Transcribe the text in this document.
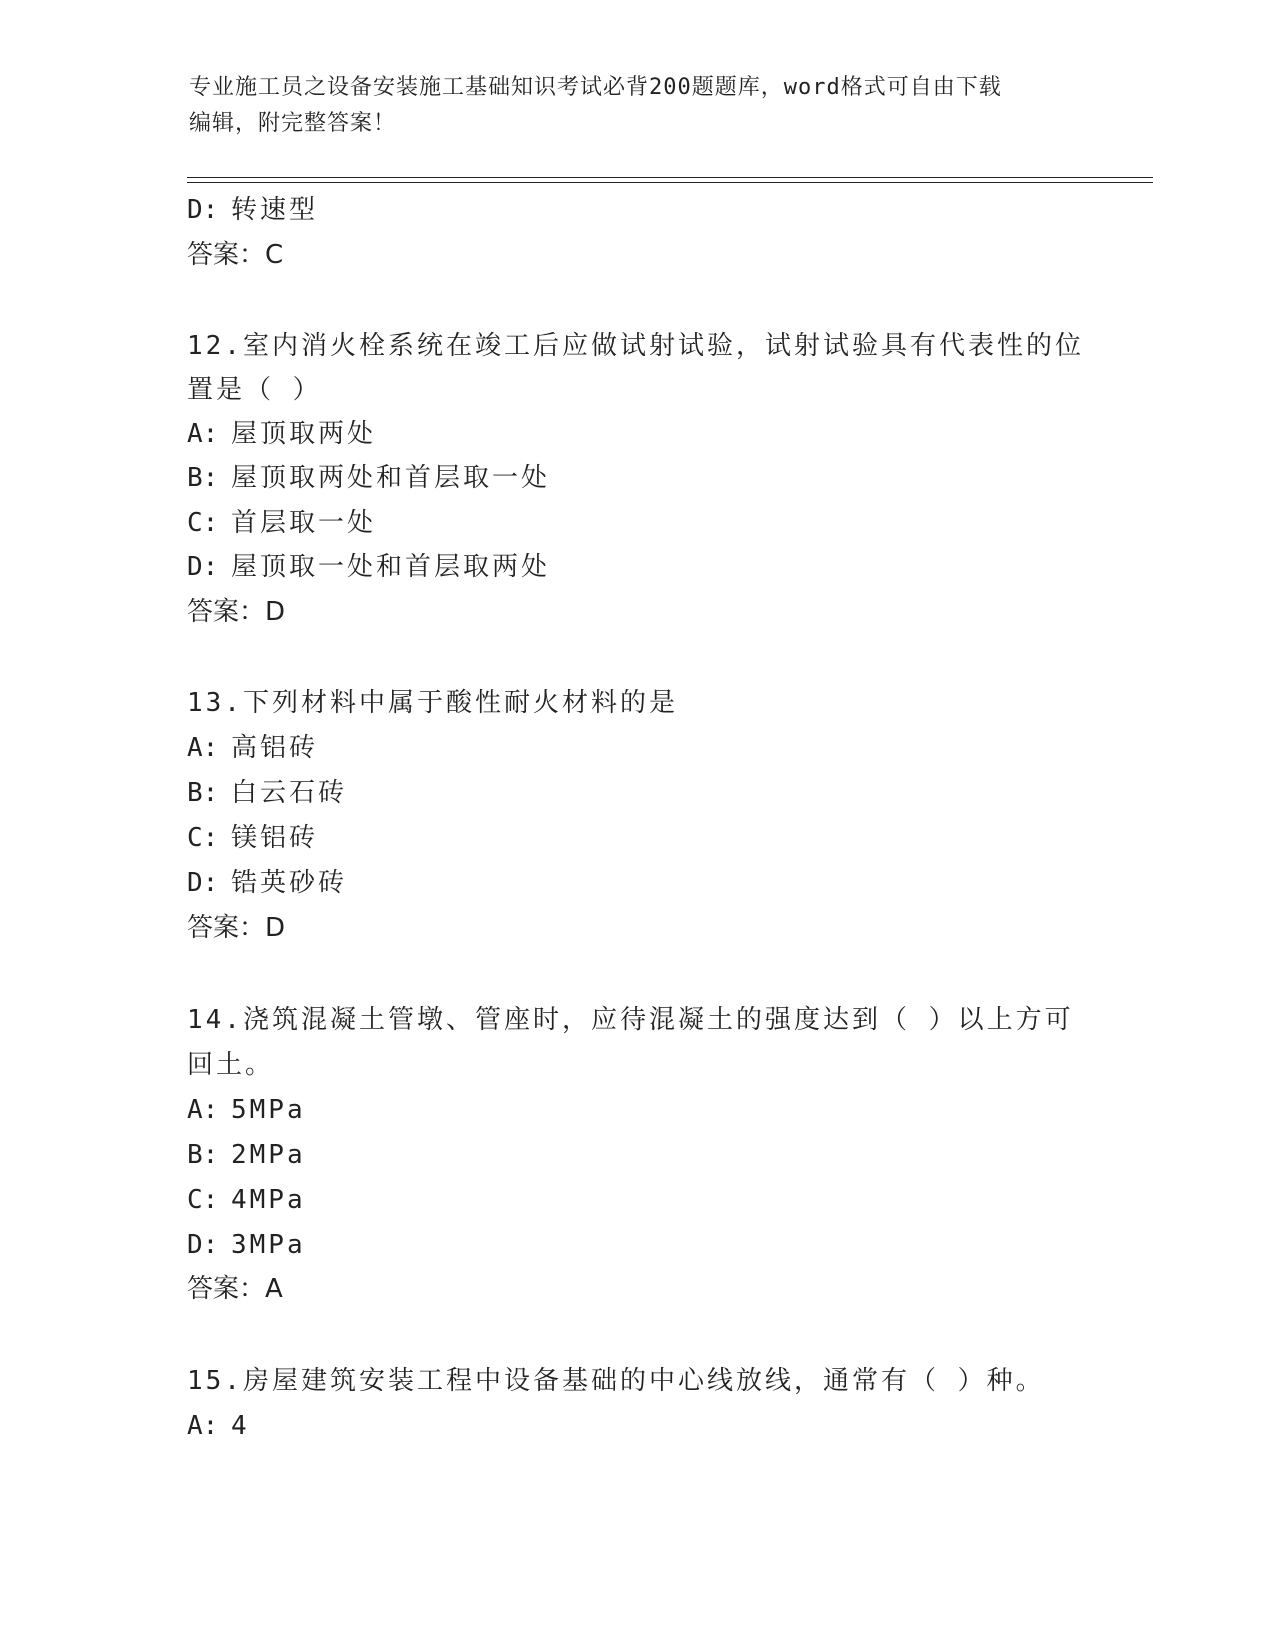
专业施工员之设备安装施工基础知识考试必背200题题库，word格式可自由下载
编辑，附完整答案！
D: 转速型
答案：C
12.室内消火栓系统在竣工后应做试射试验，试射试验具有代表性的位
置是（ ）
A: 屋顶取两处
B: 屋顶取两处和首层取一处
C: 首层取一处
D: 屋顶取一处和首层取两处
答案：D
13.下列材料中属于酸性耐火材料的是
A: 高铝砖
B: 白云石砖
C: 镁铝砖
D: 锆英砂砖
答案：D
14.浇筑混凝土管墩、管座时，应待混凝土的强度达到（ ）以上方可
回土。
A: 5MPa
B: 2MPa
C: 4MPa
D: 3MPa
答案：A
15.房屋建筑安装工程中设备基础的中心线放线，通常有（ ）种。
A: 4
